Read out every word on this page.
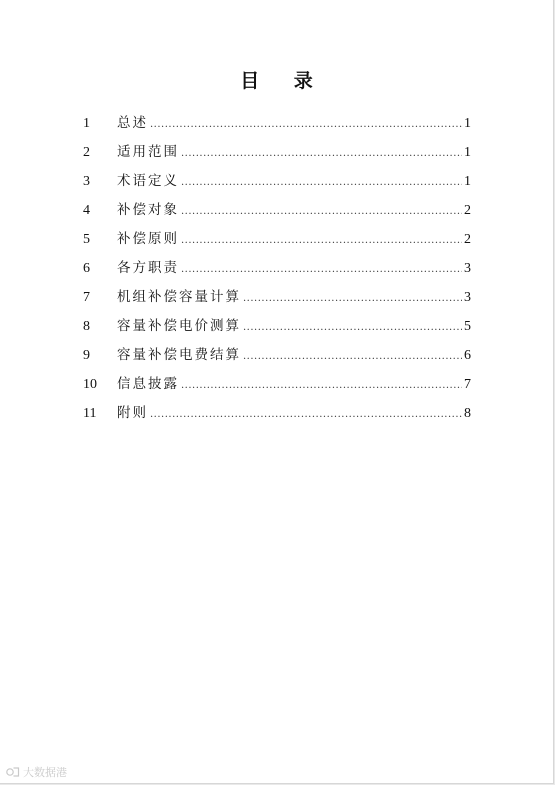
目 录
1	总述 .....	1
2	适用范围 .....	1
3	术语定义 .....	1
4	补偿对象 .....	2
5	补偿原则 .....	2
6	各方职责 .....	3
7	机组补偿容量计算 .....	3
8	容量补偿电价测算 .....	5
9	容量补偿电费结算 .....	6
10	信息披露 .....	7
11	附则 .....	8
大数据港
